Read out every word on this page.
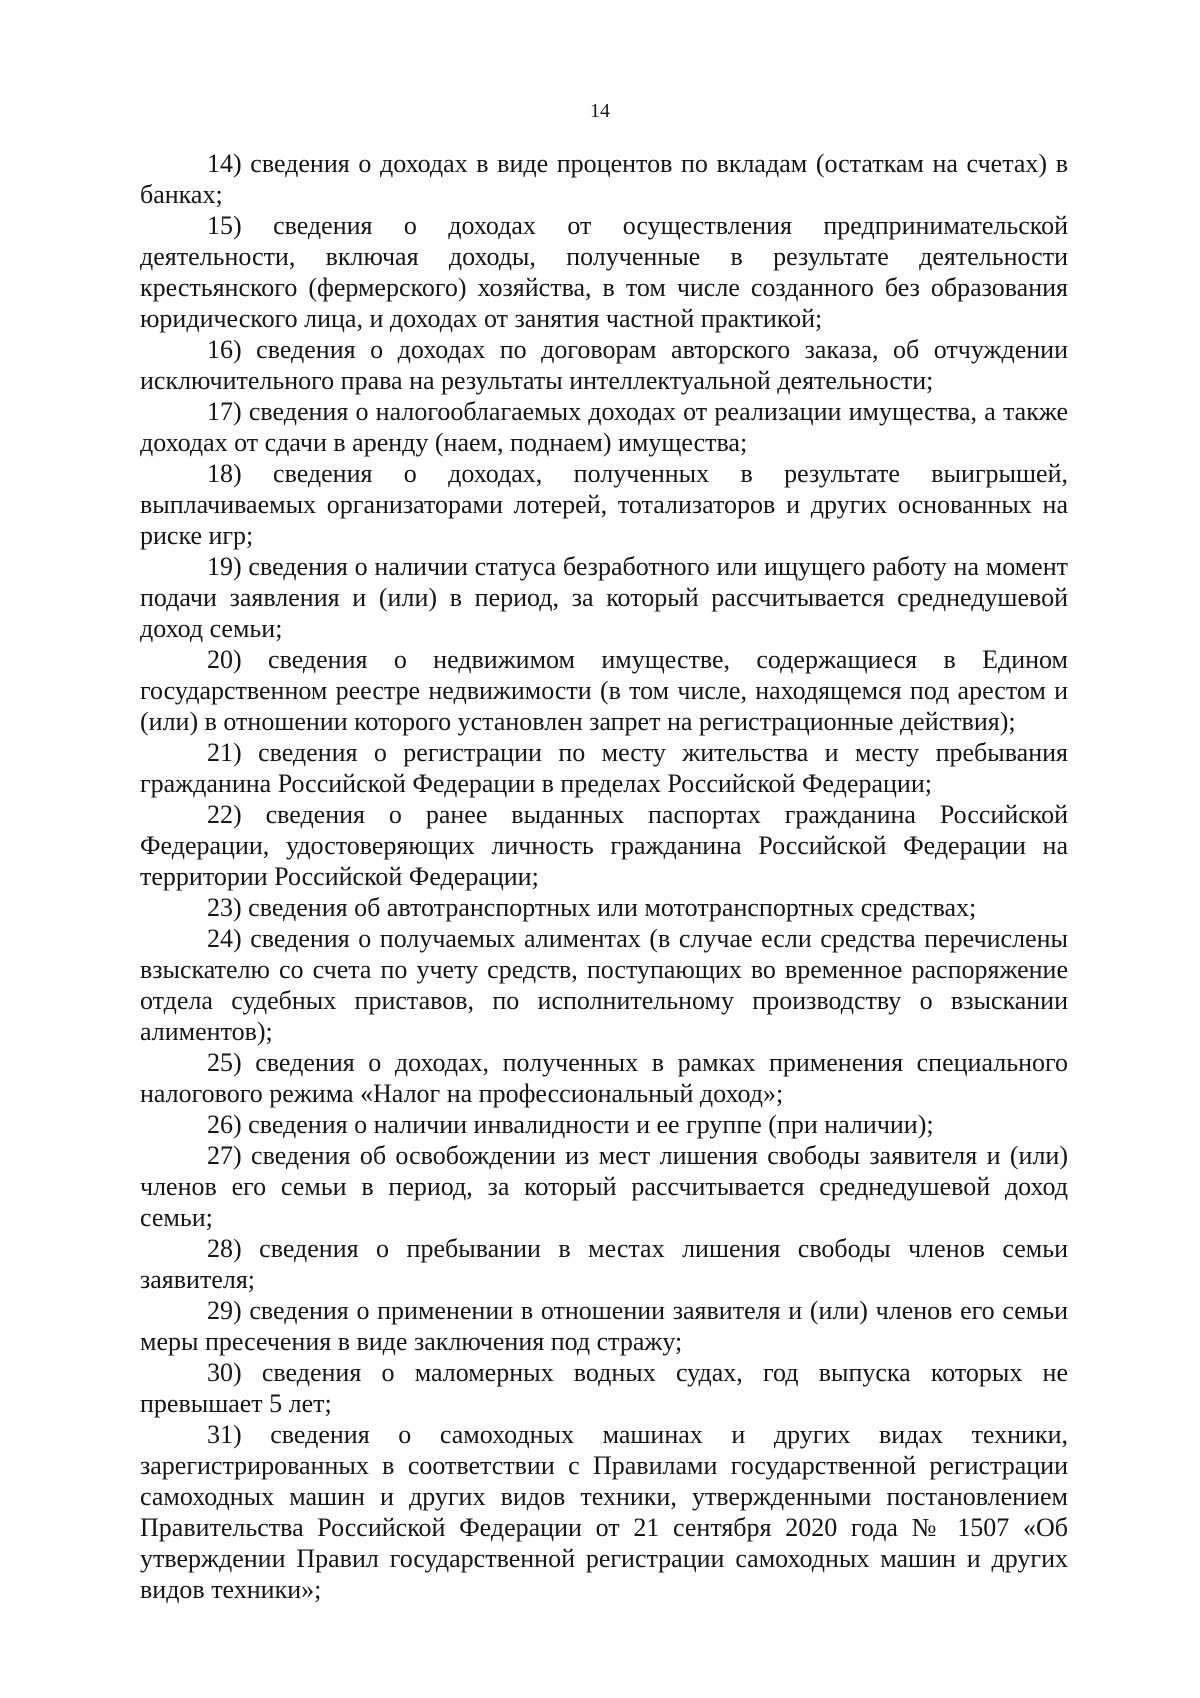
14

14) сведения о доходах в виде процентов по вкладам (остаткам на счетах) в банках;

15) сведения о доходах от осуществления предпринимательской деятельности, включая доходы, полученные в результате деятельности крестьянского (фермерского) хозяйства, в том числе созданного без образования юридического лица, и доходах от занятия частной практикой;

16) сведения о доходах по договорам авторского заказа, об отчуждении исключительного права на результаты интеллектуальной деятельности;

17) сведения о налогооблагаемых доходах от реализации имущества, а также доходах от сдачи в аренду (наем, поднаем) имущества;

18) сведения о доходах, полученных в результате выигрышей, выплачиваемых организаторами лотерей, тотализаторов и других основанных на риске игр;

19) сведения о наличии статуса безработного или ищущего работу на момент подачи заявления и (или) в период, за который рассчитывается среднедушевой доход семьи;

20) сведения о недвижимом имуществе, содержащиеся в Едином государственном реестре недвижимости (в том числе, находящемся под арестом и (или) в отношении которого установлен запрет на регистрационные действия);

21) сведения о регистрации по месту жительства и месту пребывания гражданина Российской Федерации в пределах Российской Федерации;

22) сведения о ранее выданных паспортах гражданина Российской Федерации, удостоверяющих личность гражданина Российской Федерации на территории Российской Федерации;

23) сведения об автотранспортных или мототранспортных средствах;

24) сведения о получаемых алиментах (в случае если средства перечислены взыскателю со счета по учету средств, поступающих во временное распоряжение отдела судебных приставов, по исполнительному производству о взыскании алиментов);

25) сведения о доходах, полученных в рамках применения специального налогового режима «Налог на профессиональный доход»;

26) сведения о наличии инвалидности и ее группе (при наличии);

27) сведения об освобождении из мест лишения свободы заявителя и (или) членов его семьи в период, за который рассчитывается среднедушевой доход семьи;

28) сведения о пребывании в местах лишения свободы членов семьи заявителя;

29) сведения о применении в отношении заявителя и (или) членов его семьи меры пресечения в виде заключения под стражу;

30) сведения о маломерных водных судах, год выпуска которых не превышает 5 лет;

31) сведения о самоходных машинах и других видах техники, зарегистрированных в соответствии с Правилами государственной регистрации самоходных машин и других видов техники, утвержденными постановлением Правительства Российской Федерации от 21 сентября 2020 года № 1507 «Об утверждении Правил государственной регистрации самоходных машин и других видов техники»;
